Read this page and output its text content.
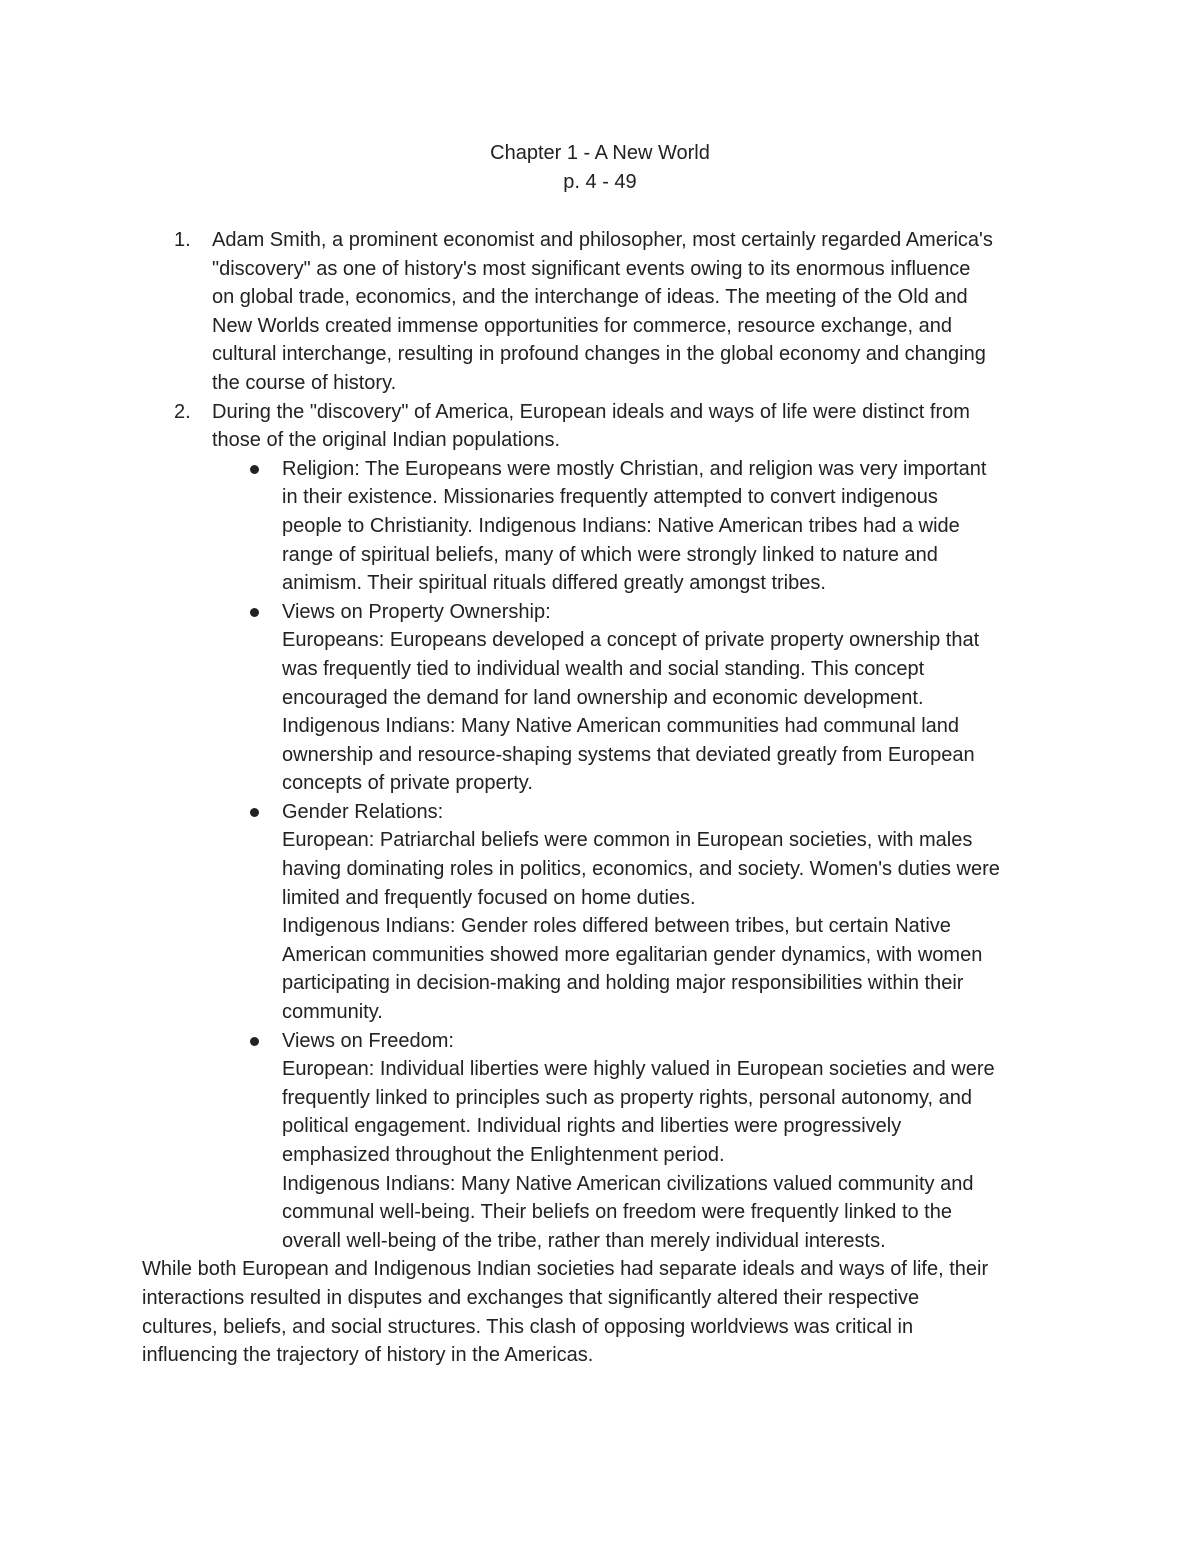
Chapter 1 - A New World
p. 4 - 49
1. Adam Smith, a prominent economist and philosopher, most certainly regarded America's
"discovery" as one of history's most significant events owing to its enormous influence
on global trade, economics, and the interchange of ideas. The meeting of the Old and
New Worlds created immense opportunities for commerce, resource exchange, and
cultural interchange, resulting in profound changes in the global economy and changing
the course of history.
2. During the "discovery" of America, European ideals and ways of life were distinct from
those of the original Indian populations.
Religion: The Europeans were mostly Christian, and religion was very important
in their existence. Missionaries frequently attempted to convert indigenous
people to Christianity. Indigenous Indians: Native American tribes had a wide
range of spiritual beliefs, many of which were strongly linked to nature and
animism. Their spiritual rituals differed greatly amongst tribes.
Views on Property Ownership:
Europeans: Europeans developed a concept of private property ownership that
was frequently tied to individual wealth and social standing. This concept
encouraged the demand for land ownership and economic development.
Indigenous Indians: Many Native American communities had communal land
ownership and resource-shaping systems that deviated greatly from European
concepts of private property.
Gender Relations:
European: Patriarchal beliefs were common in European societies, with males
having dominating roles in politics, economics, and society. Women's duties were
limited and frequently focused on home duties.
Indigenous Indians: Gender roles differed between tribes, but certain Native
American communities showed more egalitarian gender dynamics, with women
participating in decision-making and holding major responsibilities within their
community.
Views on Freedom:
European: Individual liberties were highly valued in European societies and were
frequently linked to principles such as property rights, personal autonomy, and
political engagement. Individual rights and liberties were progressively
emphasized throughout the Enlightenment period.
Indigenous Indians: Many Native American civilizations valued community and
communal well-being. Their beliefs on freedom were frequently linked to the
overall well-being of the tribe, rather than merely individual interests.
While both European and Indigenous Indian societies had separate ideals and ways of life, their
interactions resulted in disputes and exchanges that significantly altered their respective
cultures, beliefs, and social structures. This clash of opposing worldviews was critical in
influencing the trajectory of history in the Americas.
